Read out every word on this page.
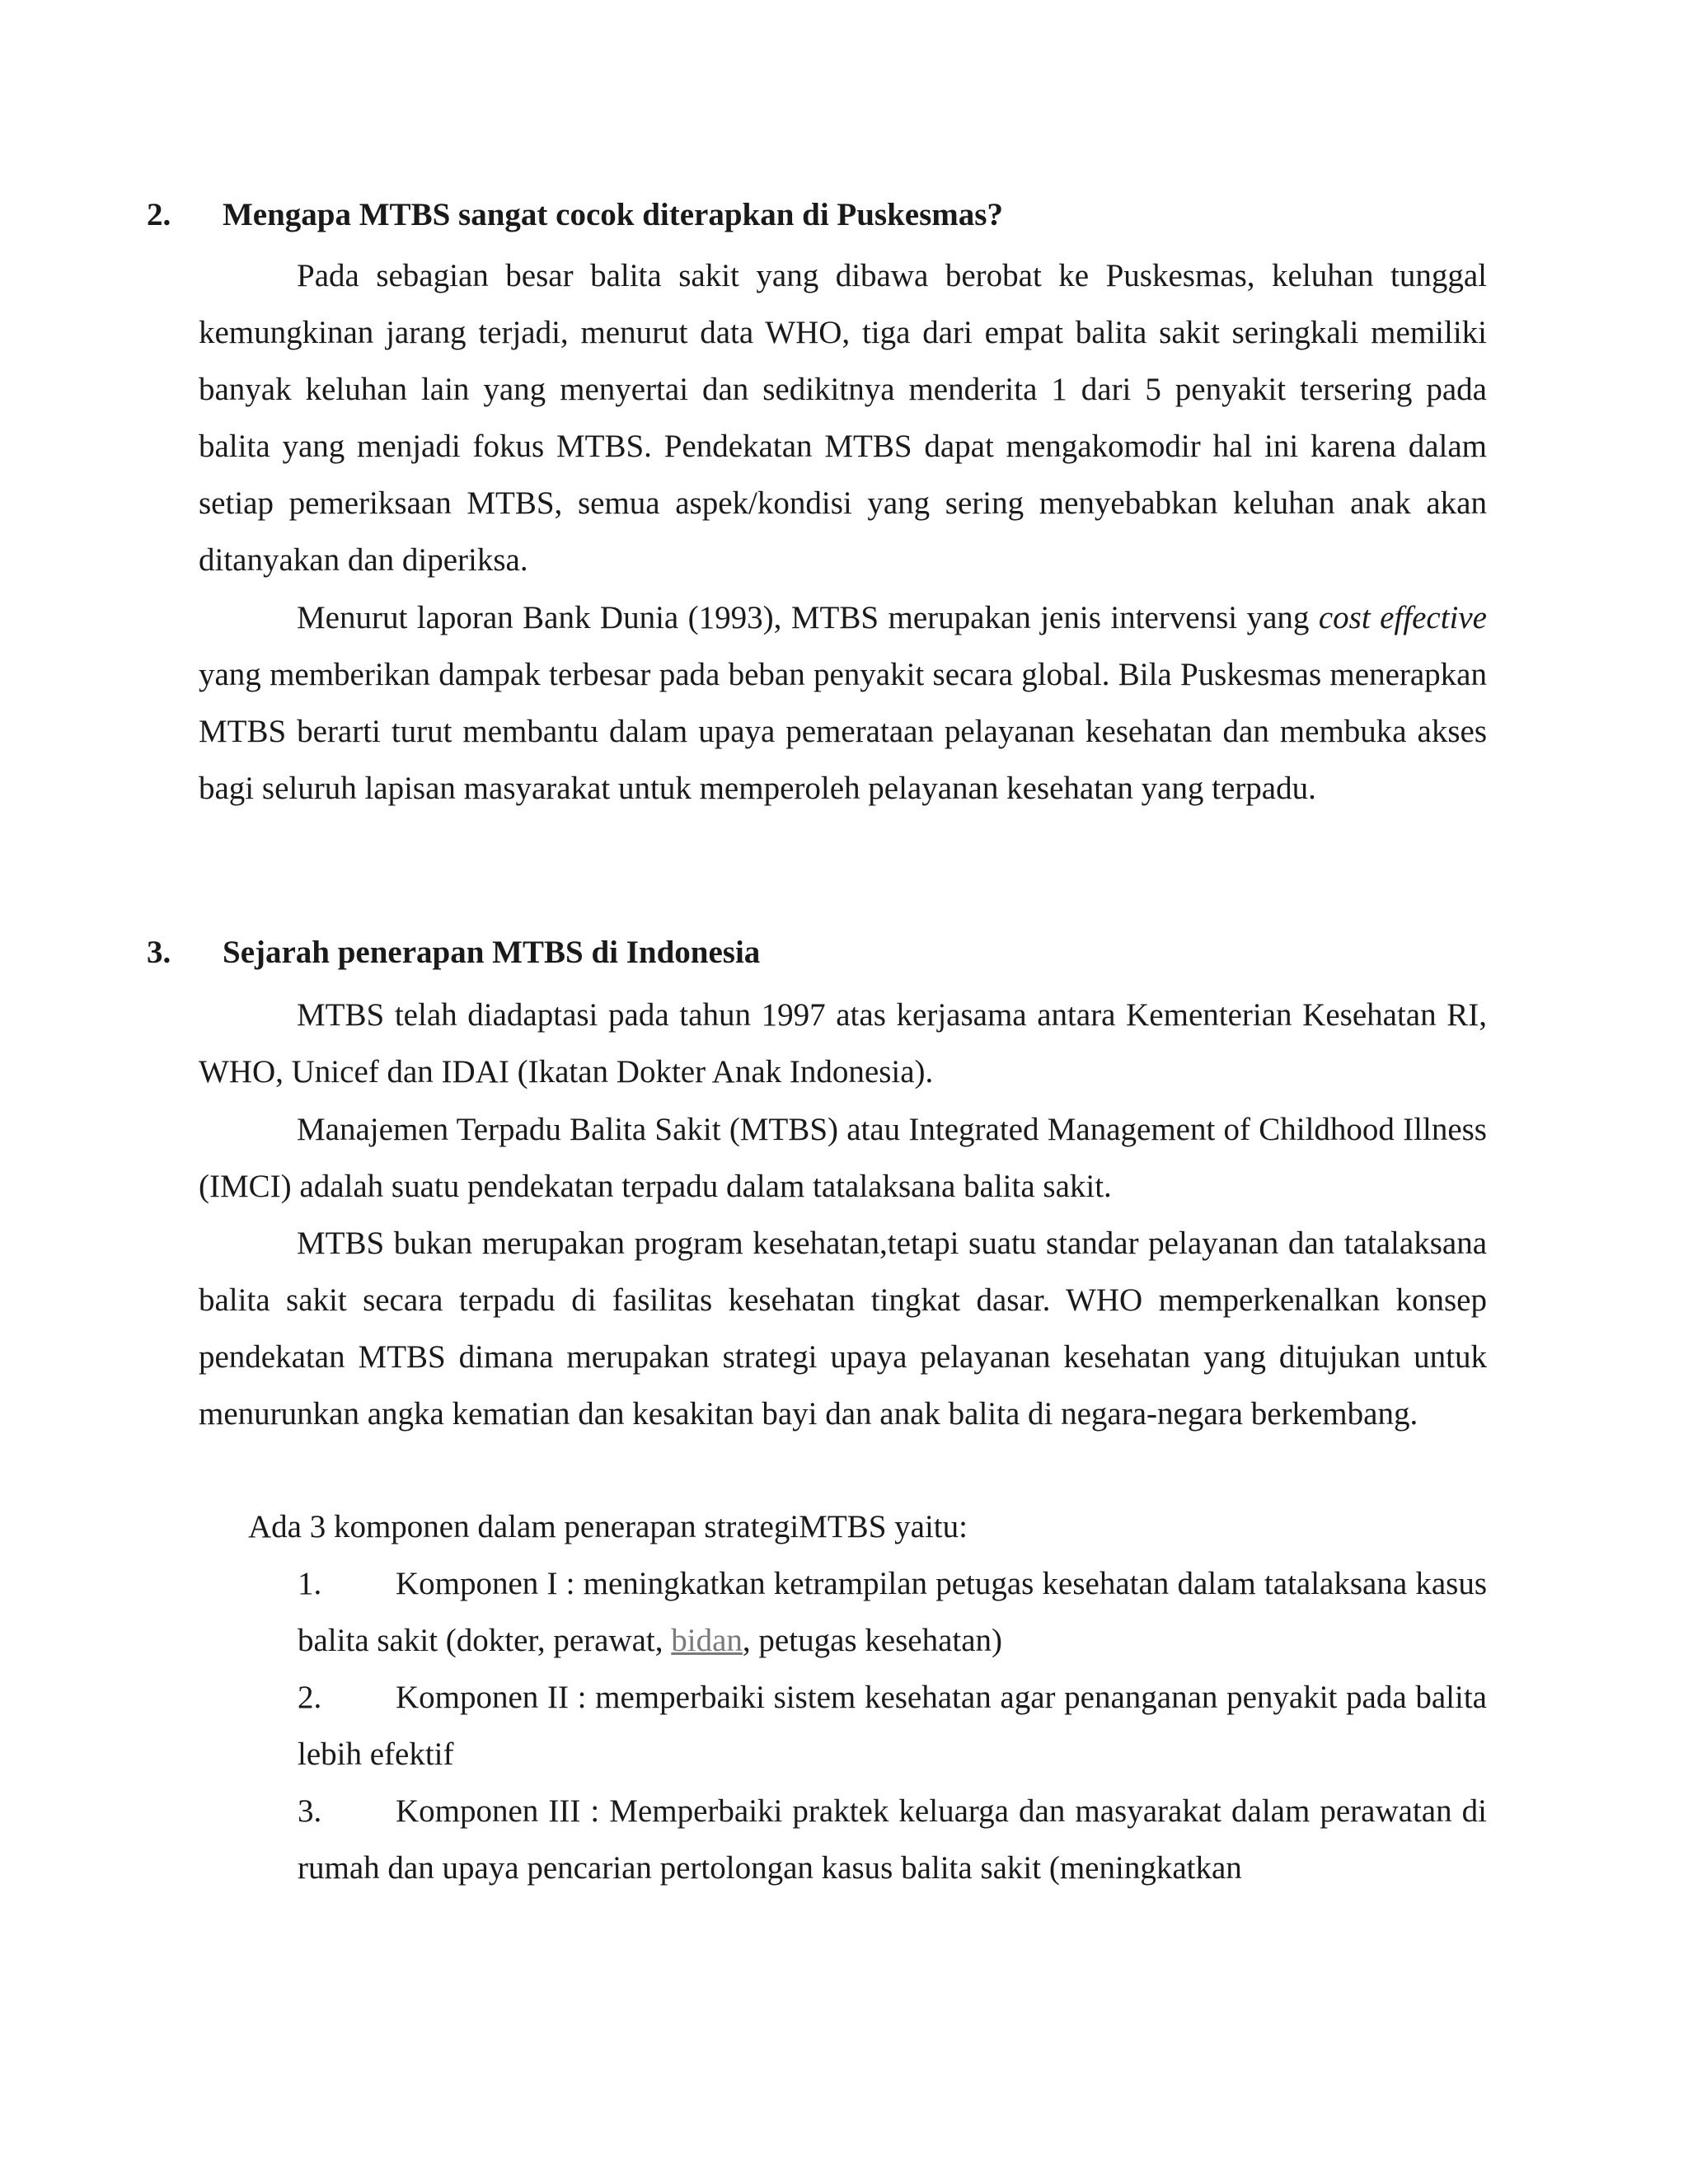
2. Mengapa MTBS sangat cocok diterapkan di Puskesmas?
Pada sebagian besar balita sakit yang dibawa berobat ke Puskesmas, keluhan tunggal kemungkinan jarang terjadi, menurut data WHO, tiga dari empat balita sakit seringkali memiliki banyak keluhan lain yang menyertai dan sedikitnya menderita 1 dari 5 penyakit tersering pada balita yang menjadi fokus MTBS. Pendekatan MTBS dapat mengakomodir hal ini karena dalam setiap pemeriksaan MTBS, semua aspek/kondisi yang sering menyebabkan keluhan anak akan ditanyakan dan diperiksa.
Menurut laporan Bank Dunia (1993), MTBS merupakan jenis intervensi yang cost effective yang memberikan dampak terbesar pada beban penyakit secara global. Bila Puskesmas menerapkan MTBS berarti turut membantu dalam upaya pemerataan pelayanan kesehatan dan membuka akses bagi seluruh lapisan masyarakat untuk memperoleh pelayanan kesehatan yang terpadu.
3. Sejarah penerapan MTBS di Indonesia
MTBS telah diadaptasi pada tahun 1997 atas kerjasama antara Kementerian Kesehatan RI, WHO, Unicef dan IDAI (Ikatan Dokter Anak Indonesia).
Manajemen Terpadu Balita Sakit (MTBS) atau Integrated Management of Childhood Illness (IMCI) adalah suatu pendekatan terpadu dalam tatalaksana balita sakit.
MTBS bukan merupakan program kesehatan,tetapi suatu standar pelayanan dan tatalaksana balita sakit secara terpadu di fasilitas kesehatan tingkat dasar. WHO memperkenalkan konsep pendekatan MTBS dimana merupakan strategi upaya pelayanan kesehatan yang ditujukan untuk menurunkan angka kematian dan kesakitan bayi dan anak balita di negara-negara berkembang.
Ada 3 komponen dalam penerapan strategiMTBS yaitu:
1. Komponen I : meningkatkan ketrampilan petugas kesehatan dalam tatalaksana kasus balita sakit (dokter, perawat, bidan, petugas kesehatan)
2. Komponen II : memperbaiki sistem kesehatan agar penanganan penyakit pada balita lebih efektif
3. Komponen III : Memperbaiki praktek keluarga dan masyarakat dalam perawatan di rumah dan upaya pencarian pertolongan kasus balita sakit (meningkatkan
